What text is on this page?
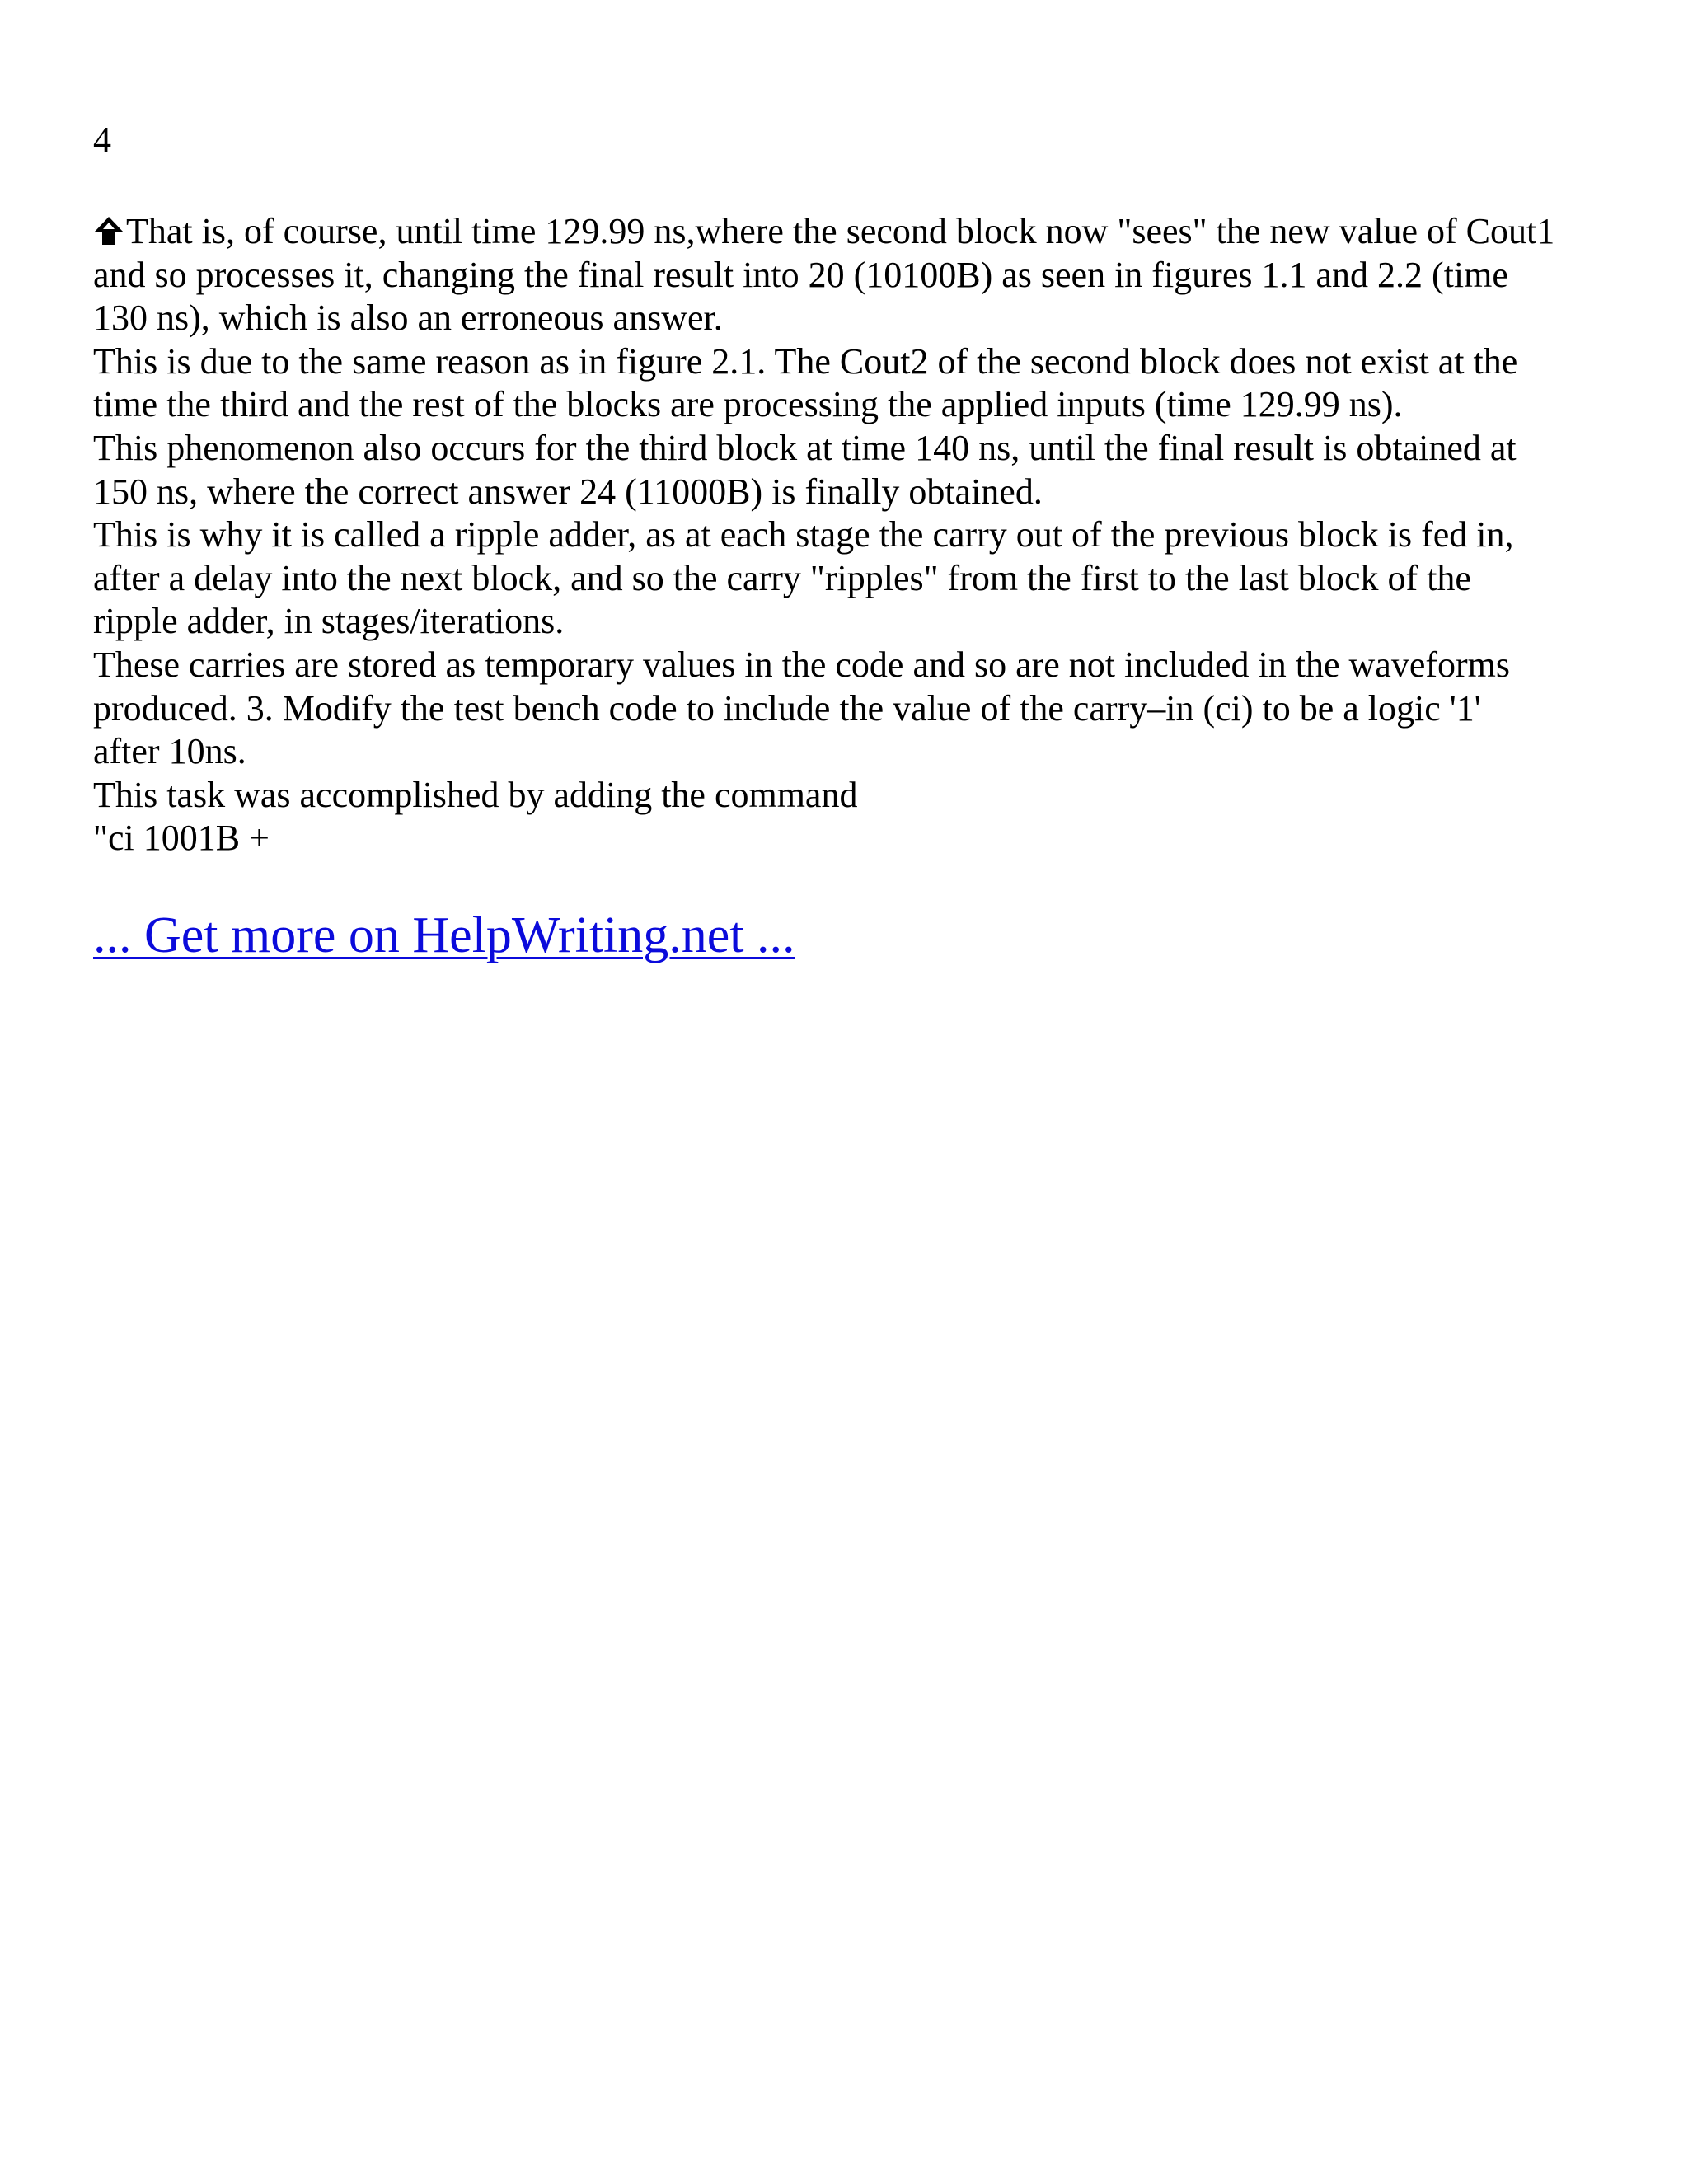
4
That is, of course, until time 129.99 ns,where the second block now "sees" the new value of Cout1
and so processes it, changing the final result into 20 (10100B) as seen in figures 1.1 and 2.2 (time
130 ns), which is also an erroneous answer.
This is due to the same reason as in figure 2.1. The Cout2 of the second block does not exist at the
time the third and the rest of the blocks are processing the applied inputs (time 129.99 ns).
This phenomenon also occurs for the third block at time 140 ns, until the final result is obtained at
150 ns, where the correct answer 24 (11000B) is finally obtained.
This is why it is called a ripple adder, as at each stage the carry out of the previous block is fed in,
after a delay into the next block, and so the carry "ripples" from the first to the last block of the
ripple adder, in stages/iterations.
These carries are stored as temporary values in the code and so are not included in the waveforms
produced. 3. Modify the test bench code to include the value of the carry–in (ci) to be a logic '1'
after 10ns.
This task was accomplished by adding the command
"ci 1001B +
... Get more on HelpWriting.net ...
